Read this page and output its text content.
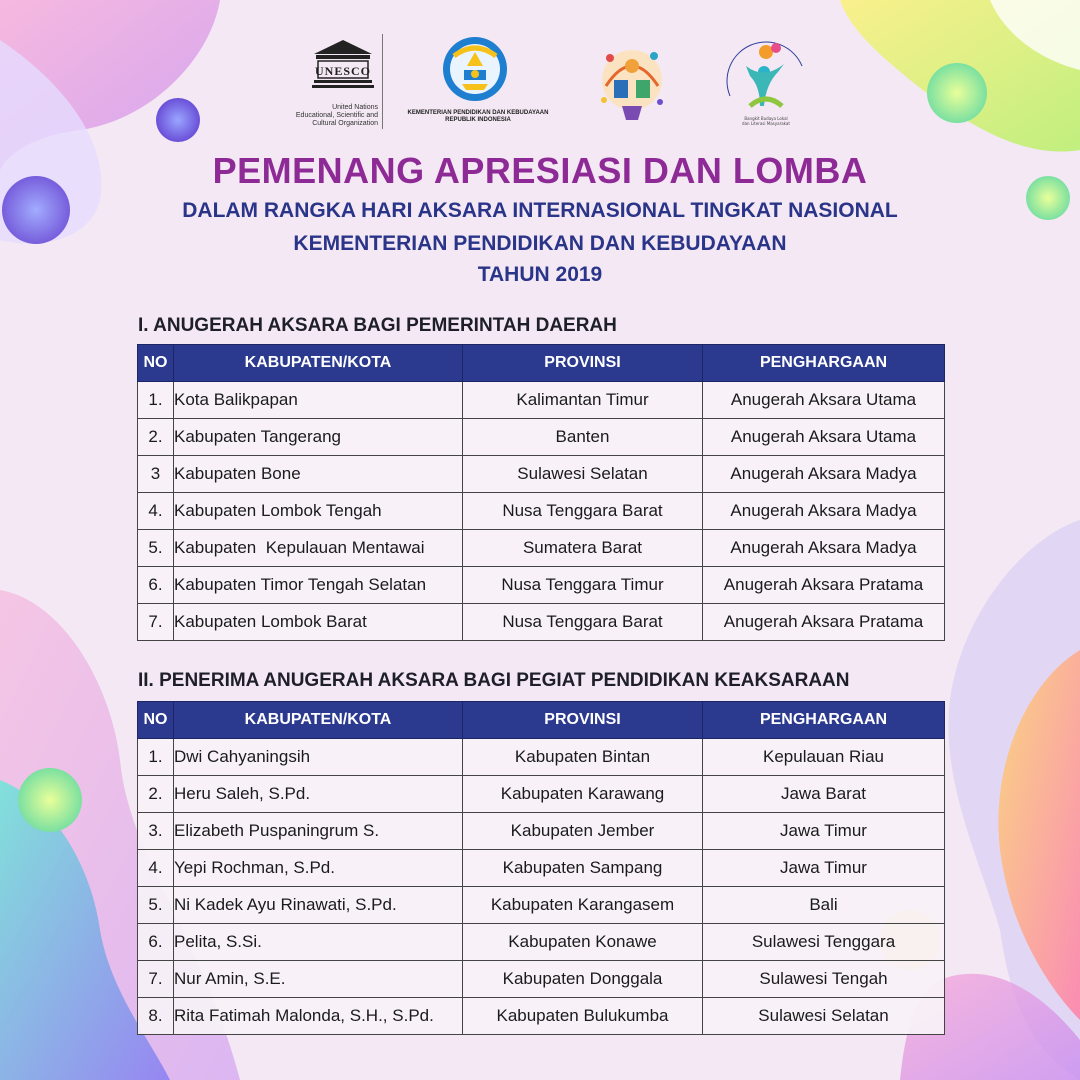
UNESCO
United Nations
Educational, Scientific and
Cultural Organization
KEMENTERIAN PENDIDIKAN DAN KEBUDAYAAN
REPUBLIK INDONESIA	Bangkit Budaya Lokal
dan Literasi Masyarakat
PEMENANG APRESIASI DAN LOMBA
DALAM RANGKA HARI AKSARA INTERNASIONAL TINGKAT NASIONAL
KEMENTERIAN PENDIDIKAN DAN KEBUDAYAAN
TAHUN 2019
I. ANUGERAH AKSARA BAGI PEMERINTAH DAERAH
NO	KABUPATEN/KOTA	PROVINSI	PENGHARGAAN
1.	Kota Balikpapan	Kalimantan Timur	Anugerah Aksara Utama
2.	Kabupaten Tangerang	Banten	Anugerah Aksara Utama
3	Kabupaten Bone	Sulawesi Selatan	Anugerah Aksara Madya
4.	Kabupaten Lombok Tengah	Nusa Tenggara Barat	Anugerah Aksara Madya
5.	Kabupaten  Kepulauan Mentawai	Sumatera Barat	Anugerah Aksara Madya
6.	Kabupaten Timor Tengah Selatan	Nusa Tenggara Timur	Anugerah Aksara Pratama
7.	Kabupaten Lombok Barat	Nusa Tenggara Barat	Anugerah Aksara Pratama
II. PENERIMA ANUGERAH AKSARA BAGI PEGIAT PENDIDIKAN KEAKSARAAN
NO	KABUPATEN/KOTA	PROVINSI	PENGHARGAAN
1.	Dwi Cahyaningsih	Kabupaten Bintan	Kepulauan Riau
2.	Heru Saleh, S.Pd.	Kabupaten Karawang	Jawa Barat
3.	Elizabeth Puspaningrum S.	Kabupaten Jember	Jawa Timur
4.	Yepi Rochman, S.Pd.	Kabupaten Sampang	Jawa Timur
5.	Ni Kadek Ayu Rinawati, S.Pd.	Kabupaten Karangasem	Bali
6.	Pelita, S.Si.	Kabupaten Konawe	Sulawesi Tenggara
7.	Nur Amin, S.E.	Kabupaten Donggala	Sulawesi Tengah
8.	Rita Fatimah Malonda, S.H., S.Pd.	Kabupaten Bulukumba	Sulawesi Selatan
